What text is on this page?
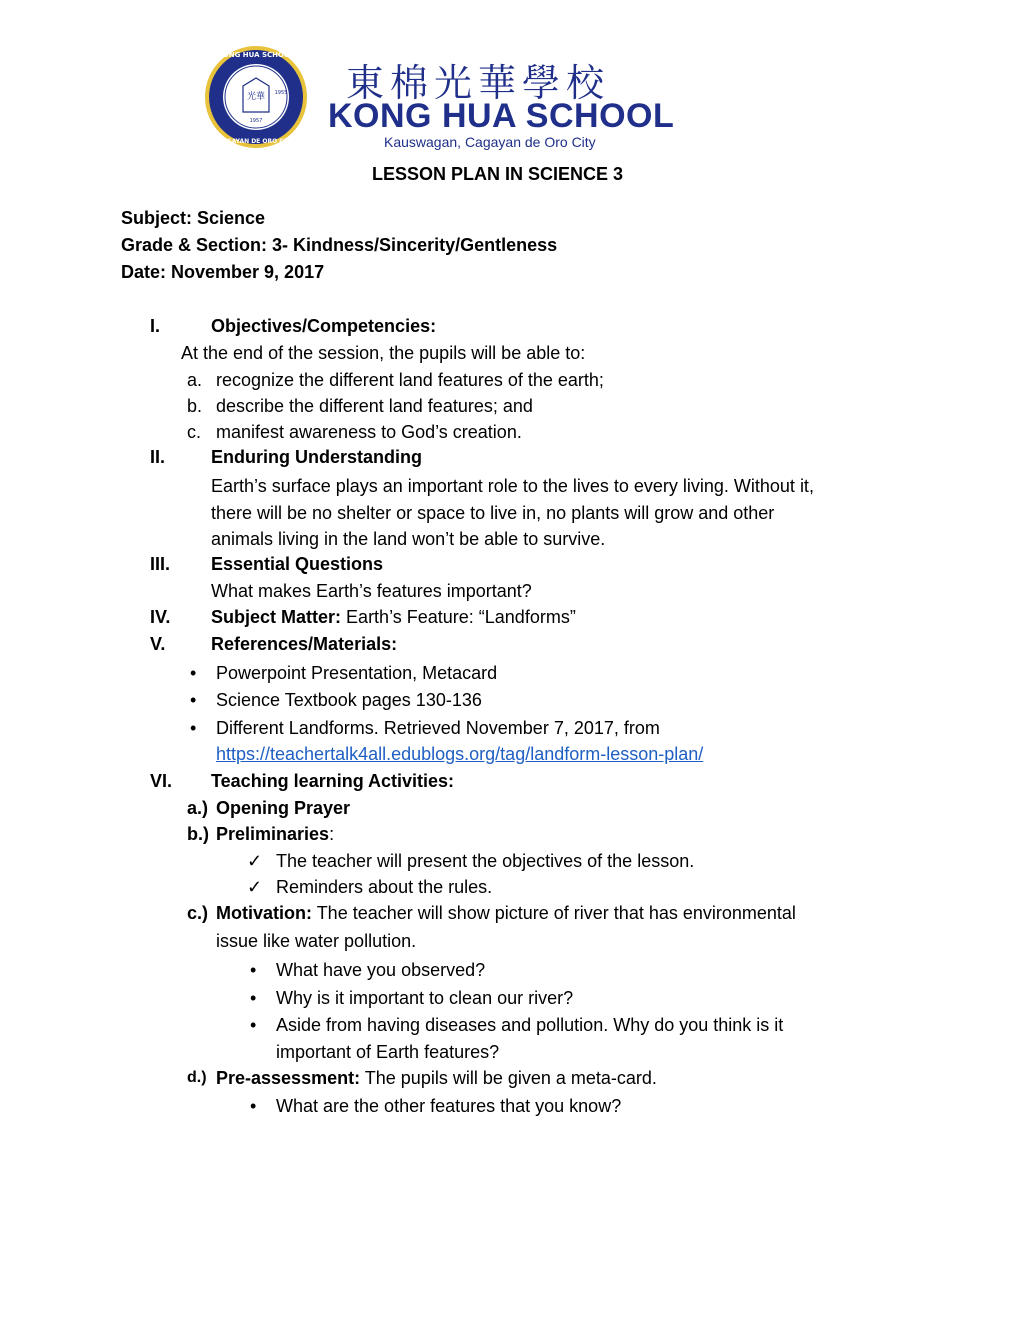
光華 1955
1957
KONG HUA SCHOOL
CAGAYAN DE ORO CITY
東棉光華學校
KONG HUA SCHOOL
Kauswagan, Cagayan de Oro City
LESSON PLAN IN SCIENCE 3
Subject: Science
Grade & Section: 3- Kindness/Sincerity/Gentleness
Date: November 9, 2017
I.	Objectives/Competencies:
At the end of the session, the pupils will be able to:
a. recognize the different land features of the earth;
b. describe the different land features; and
c. manifest awareness to God’s creation.
II.	Enduring Understanding
Earth’s surface plays an important role to the lives to every living. Without it,
there will be no shelter or space to live in, no plants will grow and other
animals living in the land won’t be able to survive.
III. Essential Questions
What makes Earth’s features important?
IV. Subject Matter: Earth’s Feature: “Landforms”
V.	References/Materials:
• Powerpoint Presentation, Metacard
• Science Textbook pages 130-136
• Different Landforms. Retrieved November 7, 2017, from
https://teachertalk4all.edublogs.org/tag/landform-lesson-plan/
VI. Teaching learning Activities:
a.) Opening Prayer
b.) Preliminaries:
✓
The teacher will present the objectives of the lesson.
✓
Reminders about the rules.
c.) Motivation: The teacher will show picture of river that has environmental
issue like water pollution.
• What have you observed?
• Why is it important to clean our river?
• Aside from having diseases and pollution. Why do you think is it
important of Earth features?
d.) Pre-assessment: The pupils will be given a meta-card.
• What are the other features that you know?
